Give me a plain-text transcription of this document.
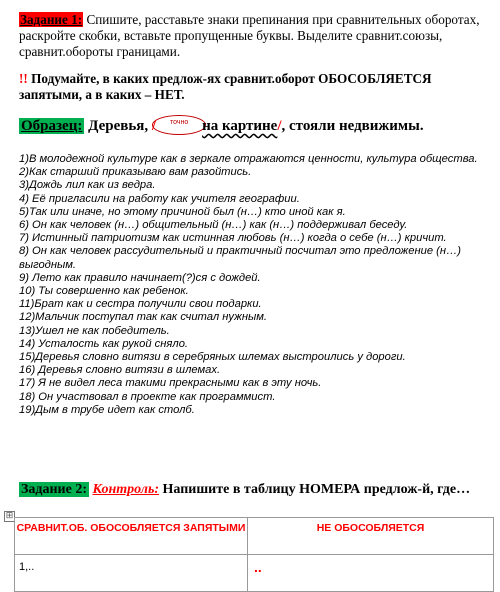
Задание 1: Спишите, расставьте знаки препинания при сравнительных оборотах, раскройте скобки, вставьте пропущенные буквы. Выделите сравнит.союзы, сравнит.обороты границами.
!! Подумайте, в каких предлож-ях сравнит.оборот ОБОСОБЛЯЕТСЯ запятыми, а в каких – НЕТ.
Образец: Деревья, / точно на картине/, стояли недвижимы.
1)В молодежной культуре как в зеркале отражаются ценности, культура общества.
2)Как старший приказываю вам разойтись.
3)Дождь лил как из ведра.
4) Её пригласили на работу как учителя географии.
5)Так или иначе, но этому причиной был (н…) кто иной как я.
6) Он как человек (н…) общительный (н…) как (н…) поддерживал беседу.
7) Истинный патриотизм как истинная любовь (н…) когда о себе (н…) кричит.
8) Он как человек рассудительный и практичный посчитал это предложение (н…) выгодным.
9) Лето как правило начинает(?)ся с дождей.
10) Ты совершенно как ребенок.
11)Брат как и сестра получили свои подарки.
12)Мальчик поступал так как считал нужным.
13)Ушел не как победитель.
14) Усталость как рукой сняло.
15)Деревья словно витязи в серебряных шлемах выстроились у дороги.
16) Деревья словно витязи в шлемах.
17) Я не видел леса такими прекрасными как в эту ночь.
18) Он участвовал в проекте как программист.
19)Дым в трубе идет как столб.
Задание 2: Контроль: Напишите в таблицу НОМЕРА предлож-й, где…
⊞
СРАВНИТ.ОБ. ОБОСОБЛЯЕТСЯ ЗАПЯТЫМИ	НЕ ОБОСОБЛЯЕТСЯ
1,..	..
